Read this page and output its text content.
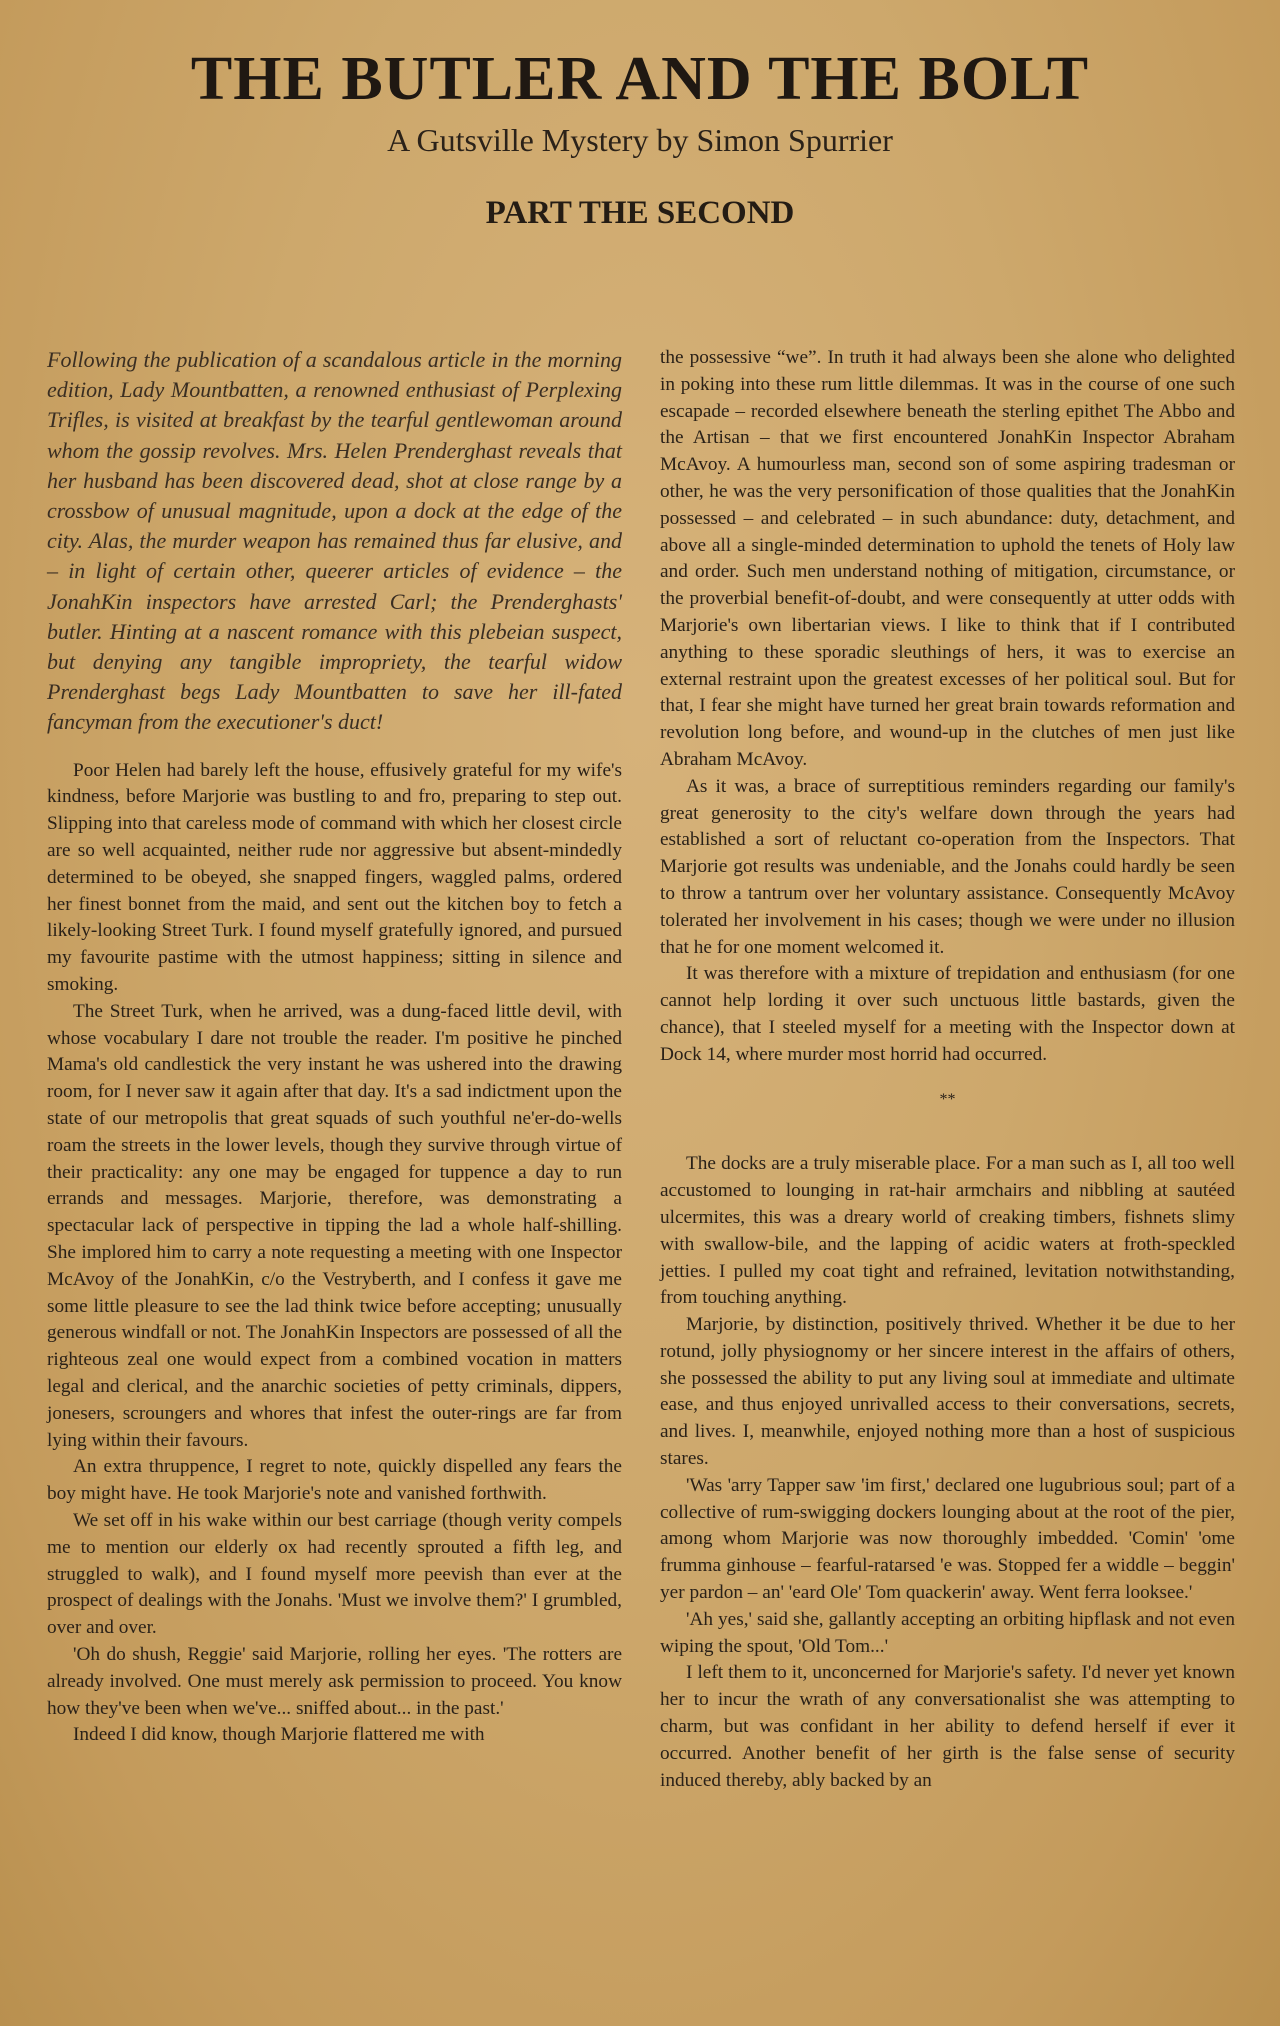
THE BUTLER AND THE BOLT
A Gutsville Mystery by Simon Spurrier
PART THE SECOND

Following the publication of a scandalous article in the morning edition, Lady Mountbatten, a renowned enthusiast of Perplexing Trifles, is visited at breakfast by the tearful gentlewoman around whom the gossip revolves. Mrs. Helen Prenderghast reveals that her husband has been discovered dead, shot at close range by a crossbow of unusual magnitude, upon a dock at the edge of the city. Alas, the murder weapon has remained thus far elusive, and – in light of certain other, queerer articles of evidence – the JonahKin inspectors have arrested Carl; the Prenderghasts' butler. Hinting at a nascent romance with this plebeian suspect, but denying any tangible impropriety, the tearful widow Prenderghast begs Lady Mountbatten to save her ill-fated fancyman from the executioner's duct!

Poor Helen had barely left the house, effusively grateful for my wife's kindness, before Marjorie was bustling to and fro, preparing to step out. Slipping into that careless mode of command with which her closest circle are so well acquainted, neither rude nor aggressive but absent-mindedly determined to be obeyed, she snapped fingers, waggled palms, ordered her finest bonnet from the maid, and sent out the kitchen boy to fetch a likely-looking Street Turk. I found myself gratefully ignored, and pursued my favourite pastime with the utmost happiness; sitting in silence and smoking.

The Street Turk, when he arrived, was a dung-faced little devil, with whose vocabulary I dare not trouble the reader. I'm positive he pinched Mama's old candlestick the very instant he was ushered into the drawing room, for I never saw it again after that day. It's a sad indictment upon the state of our metropolis that great squads of such youthful ne'er-do-wells roam the streets in the lower levels, though they survive through virtue of their practicality: any one may be engaged for tuppence a day to run errands and messages. Marjorie, therefore, was demonstrating a spectacular lack of perspective in tipping the lad a whole half-shilling. She implored him to carry a note requesting a meeting with one Inspector McAvoy of the JonahKin, c/o the Vestryberth, and I confess it gave me some little pleasure to see the lad think twice before accepting; unusually generous windfall or not. The JonahKin Inspectors are possessed of all the righteous zeal one would expect from a combined vocation in matters legal and clerical, and the anarchic societies of petty criminals, dippers, jonesers, scroungers and whores that infest the outer-rings are far from lying within their favours.

An extra thruppence, I regret to note, quickly dispelled any fears the boy might have. He took Marjorie's note and vanished forthwith.

We set off in his wake within our best carriage (though verity compels me to mention our elderly ox had recently sprouted a fifth leg, and struggled to walk), and I found myself more peevish than ever at the prospect of dealings with the Jonahs. 'Must we involve them?' I grumbled, over and over.

'Oh do shush, Reggie' said Marjorie, rolling her eyes. 'The rotters are already involved. One must merely ask permission to proceed. You know how they've been when we've... sniffed about... in the past.'

Indeed I did know, though Marjorie flattered me with

the possessive “we”. In truth it had always been she alone who delighted in poking into these rum little dilemmas. It was in the course of one such escapade – recorded elsewhere beneath the sterling epithet The Abbo and the Artisan – that we first encountered JonahKin Inspector Abraham McAvoy. A humourless man, second son of some aspiring tradesman or other, he was the very personification of those qualities that the JonahKin possessed – and celebrated – in such abundance: duty, detachment, and above all a single-minded determination to uphold the tenets of Holy law and order. Such men understand nothing of mitigation, circumstance, or the proverbial benefit-of-doubt, and were consequently at utter odds with Marjorie's own libertarian views. I like to think that if I contributed anything to these sporadic sleuthings of hers, it was to exercise an external restraint upon the greatest excesses of her political soul. But for that, I fear she might have turned her great brain towards reformation and revolution long before, and wound-up in the clutches of men just like Abraham McAvoy.

As it was, a brace of surreptitious reminders regarding our family's great generosity to the city's welfare down through the years had established a sort of reluctant co-operation from the Inspectors. That Marjorie got results was undeniable, and the Jonahs could hardly be seen to throw a tantrum over her voluntary assistance. Consequently McAvoy tolerated her involvement in his cases; though we were under no illusion that he for one moment welcomed it.

It was therefore with a mixture of trepidation and enthusiasm (for one cannot help lording it over such unctuous little bastards, given the chance), that I steeled myself for a meeting with the Inspector down at Dock 14, where murder most horrid had occurred.

**

The docks are a truly miserable place. For a man such as I, all too well accustomed to lounging in rat-hair armchairs and nibbling at sautéed ulcermites, this was a dreary world of creaking timbers, fishnets slimy with swallow-bile, and the lapping of acidic waters at froth-speckled jetties. I pulled my coat tight and refrained, levitation notwithstanding, from touching anything.

Marjorie, by distinction, positively thrived. Whether it be due to her rotund, jolly physiognomy or her sincere interest in the affairs of others, she possessed the ability to put any living soul at immediate and ultimate ease, and thus enjoyed unrivalled access to their conversations, secrets, and lives. I, meanwhile, enjoyed nothing more than a host of suspicious stares.

'Was 'arry Tapper saw 'im first,' declared one lugubrious soul; part of a collective of rum-swigging dockers lounging about at the root of the pier, among whom Marjorie was now thoroughly imbedded. 'Comin' 'ome frumma ginhouse – fearful-ratarsed 'e was. Stopped fer a widdle – beggin' yer pardon – an' 'eard Ole' Tom quackerin' away. Went ferra looksee.'

'Ah yes,' said she, gallantly accepting an orbiting hipflask and not even wiping the spout, 'Old Tom...'

I left them to it, unconcerned for Marjorie's safety. I'd never yet known her to incur the wrath of any conversationalist she was attempting to charm, but was confidant in her ability to defend herself if ever it occurred. Another benefit of her girth is the false sense of security induced thereby, ably backed by an
